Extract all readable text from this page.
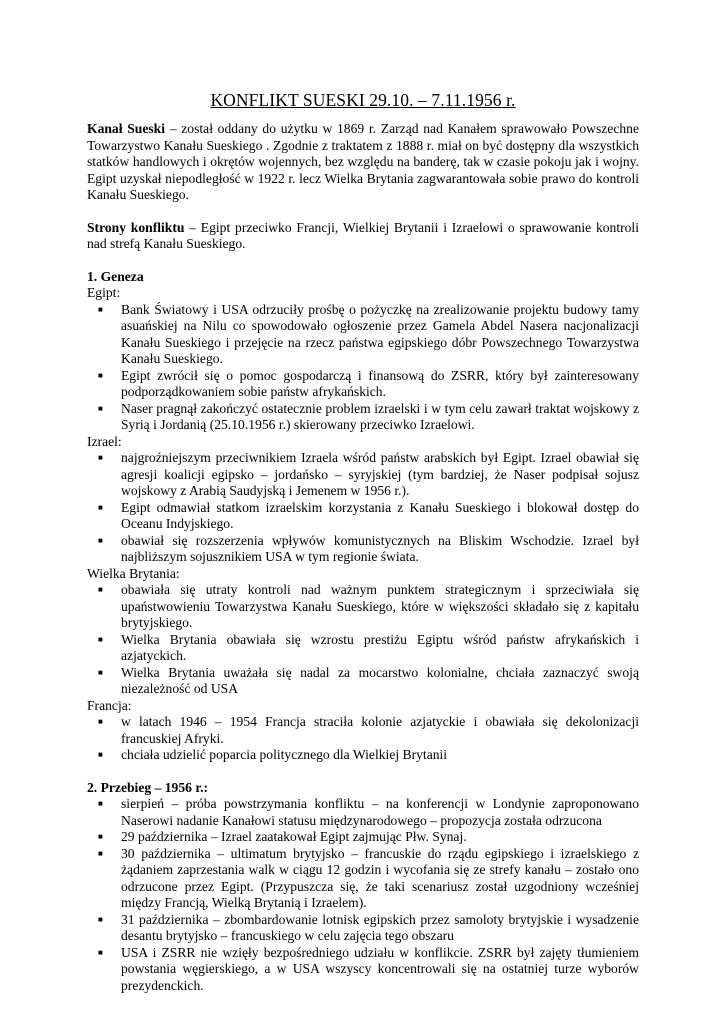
KONFLIKT SUESKI 29.10. – 7.11.1956 r.

Kanał Sueski – został oddany do użytku w 1869 r. Zarząd nad Kanałem sprawowało Powszechne Towarzystwo Kanału Sueskiego . Zgodnie z traktatem z 1888 r. miał on być dostępny dla wszystkich statków handlowych i okrętów wojennych, bez względu na banderę, tak w czasie pokoju jak i wojny. Egipt uzyskał niepodległość w 1922 r. lecz Wielka Brytania zagwarantowała sobie prawo do kontroli Kanału Sueskiego.

Strony konfliktu – Egipt przeciwko Francji, Wielkiej Brytanii i Izraelowi o sprawowanie kontroli nad strefą Kanału Sueskiego.

1. Geneza
Egipt:
■ Bank Światowy i USA odrzuciły prośbę o pożyczkę na zrealizowanie projektu budowy tamy asuańskiej na Nilu co spowodowało ogłoszenie przez Gamela Abdel Nasera nacjonalizacji Kanału Sueskiego i przejęcie na rzecz państwa egipskiego dóbr Powszechnego Towarzystwa Kanału Sueskiego.
■ Egipt zwrócił się o pomoc gospodarczą i finansową do ZSRR, który był zainteresowany podporządkowaniem sobie państw afrykańskich.
■ Naser pragnął zakończyć ostatecznie problem izraelski i w tym celu zawarł traktat wojskowy z Syrią i Jordanią (25.10.1956 r.) skierowany przeciwko Izraelowi.
Izrael:
■ najgroźniejszym przeciwnikiem Izraela wśród państw arabskich był Egipt. Izrael obawiał się agresji koalicji egipsko – jordańsko – syryjskiej (tym bardziej, że Naser podpisał sojusz wojskowy z Arabią Saudyjską i Jemenem w 1956 r.).
■ Egipt odmawiał statkom izraelskim korzystania z Kanału Sueskiego i blokował dostęp do Oceanu Indyjskiego.
■ obawiał się rozszerzenia wpływów komunistycznych na Bliskim Wschodzie. Izrael był najbliższym sojusznikiem USA w tym regionie świata.
Wielka Brytania:
■ obawiała się utraty kontroli nad ważnym punktem strategicznym i sprzeciwiała się upaństwowieniu Towarzystwa Kanału Sueskiego, które w większości składało się z kapitału brytyjskiego.
■ Wielka Brytania obawiała się wzrostu prestiżu Egiptu wśród państw afrykańskich i azjatyckich.
■ Wielka Brytania uważała się nadal za mocarstwo kolonialne, chciała zaznaczyć swoją niezależność od USA
Francja:
■ w latach 1946 – 1954 Francja straciła kolonie azjatyckie i obawiała się dekolonizacji francuskiej Afryki.
■ chciała udzielić poparcia politycznego dla Wielkiej Brytanii
2. Przebieg – 1956 r.:
■ sierpień – próba powstrzymania konfliktu – na konferencji w Londynie zaproponowano Naserowi nadanie Kanałowi statusu międzynarodowego – propozycja została odrzucona
■ 29 października – Izrael zaatakował Egipt zajmując Płw. Synaj.
■ 30 października – ultimatum brytyjsko – francuskie do rządu egipskiego i izraelskiego z żądaniem zaprzestania walk w ciągu 12 godzin i wycofania się ze strefy kanału – zostało ono odrzucone przez Egipt. (Przypuszcza się, że taki scenariusz został uzgodniony wcześniej między Francją, Wielką Brytanią i Izraelem).
■ 31 października – zbombardowanie lotnisk egipskich przez samoloty brytyjskie i wysadzenie desantu brytyjsko – francuskiego w celu zajęcia tego obszaru
■ USA i ZSRR nie wzięły bezpośredniego udziału w konflikcie. ZSRR był zajęty tłumieniem powstania węgierskiego, a w USA wszyscy koncentrowali się na ostatniej turze wyborów prezydenckich.
